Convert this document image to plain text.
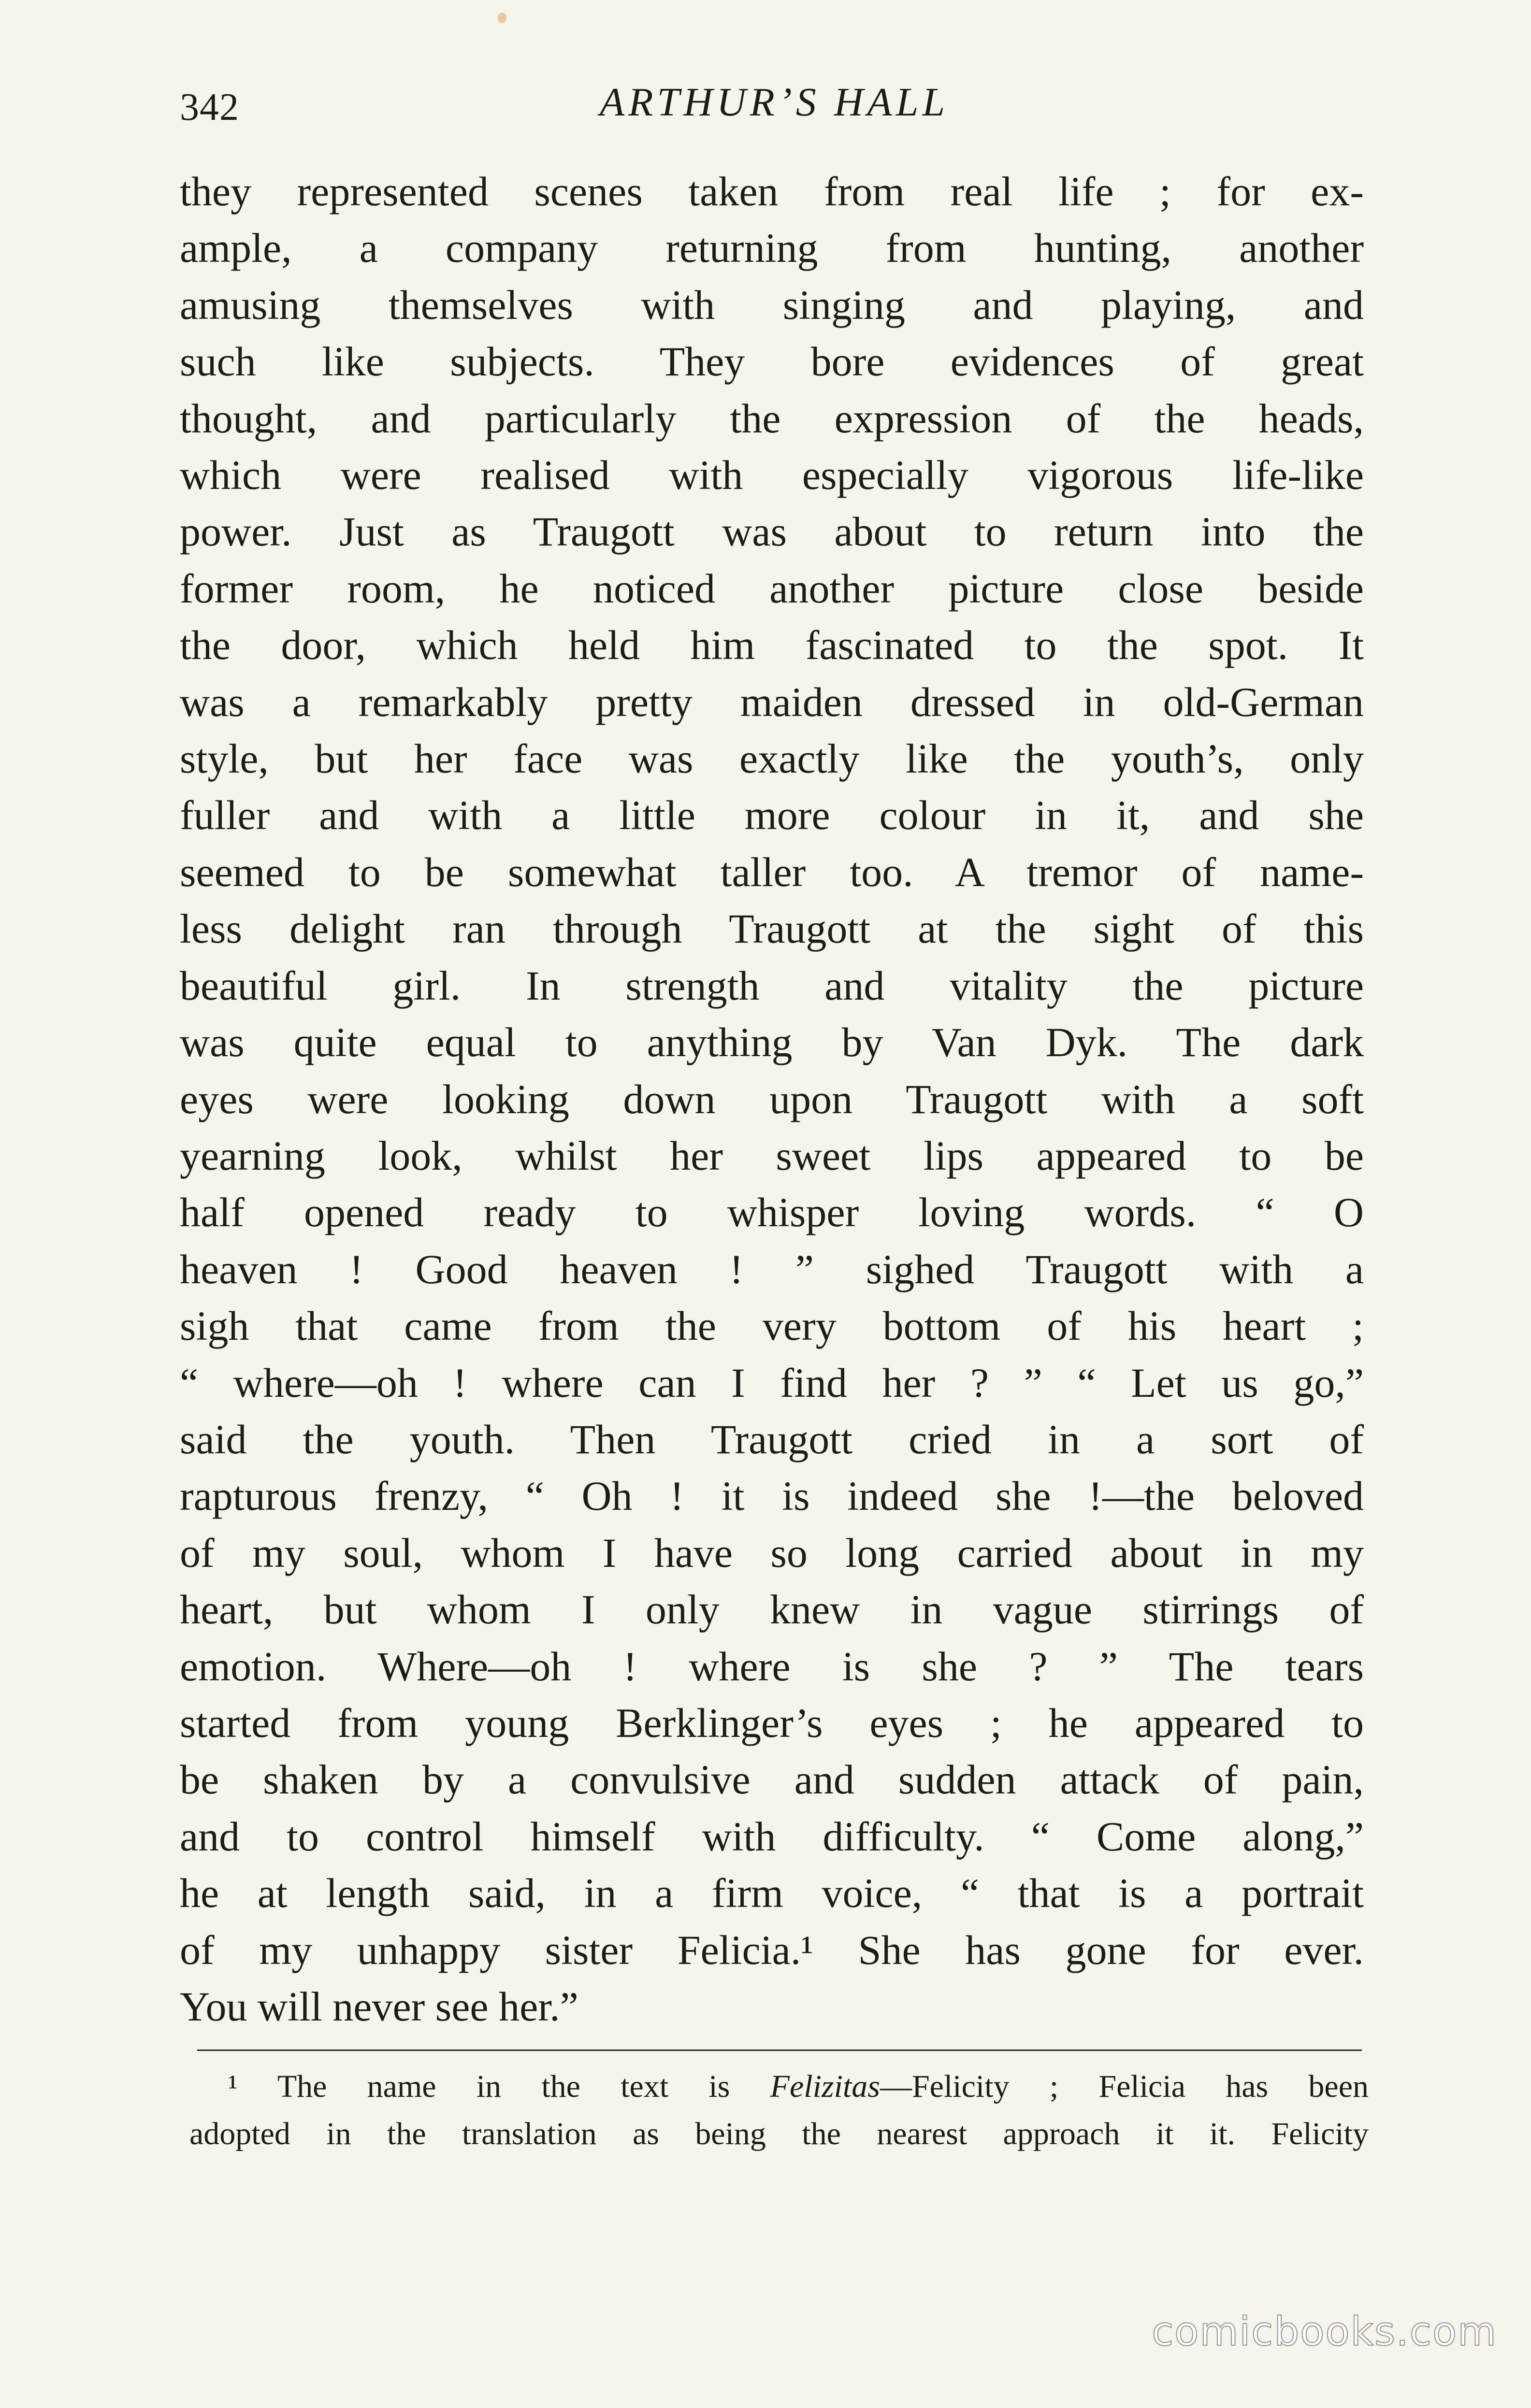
342	ARTHUR’S HALL
they represented scenes taken from real life ; for ex-
ample, a company returning from hunting, another
amusing themselves with singing and playing, and
such like subjects. They bore evidences of great
thought, and particularly the expression of the heads,
which were realised with especially vigorous life-like
power. Just as Traugott was about to return into the
former room, he noticed another picture close beside
the door, which held him fascinated to the spot. It
was a remarkably pretty maiden dressed in old-German
style, but her face was exactly like the youth’s, only
fuller and with a little more colour in it, and she
seemed to be somewhat taller too. A tremor of name-
less delight ran through Traugott at the sight of this
beautiful girl. In strength and vitality the picture
was quite equal to anything by Van Dyk. The dark
eyes were looking down upon Traugott with a soft
yearning look, whilst her sweet lips appeared to be
half opened ready to whisper loving words. “ O
heaven ! Good heaven ! ” sighed Traugott with a
sigh that came from the very bottom of his heart ;
“ where—oh ! where can I find her ? ” “ Let us go,”
said the youth. Then Traugott cried in a sort of
rapturous frenzy, “ Oh ! it is indeed she !—the beloved
of my soul, whom I have so long carried about in my
heart, but whom I only knew in vague stirrings of
emotion. Where—oh ! where is she ? ” The tears
started from young Berklinger’s eyes ; he appeared to
be shaken by a convulsive and sudden attack of pain,
and to control himself with difficulty. “ Come along,”
he at length said, in a firm voice, “ that is a portrait
of my unhappy sister Felicia.¹ She has gone for ever.
You will never see her.”
¹ The name in the text is Felizitas—Felicity ; Felicia has been
adopted in the translation as being the nearest approach it it. Felicity
comicbooks.com
